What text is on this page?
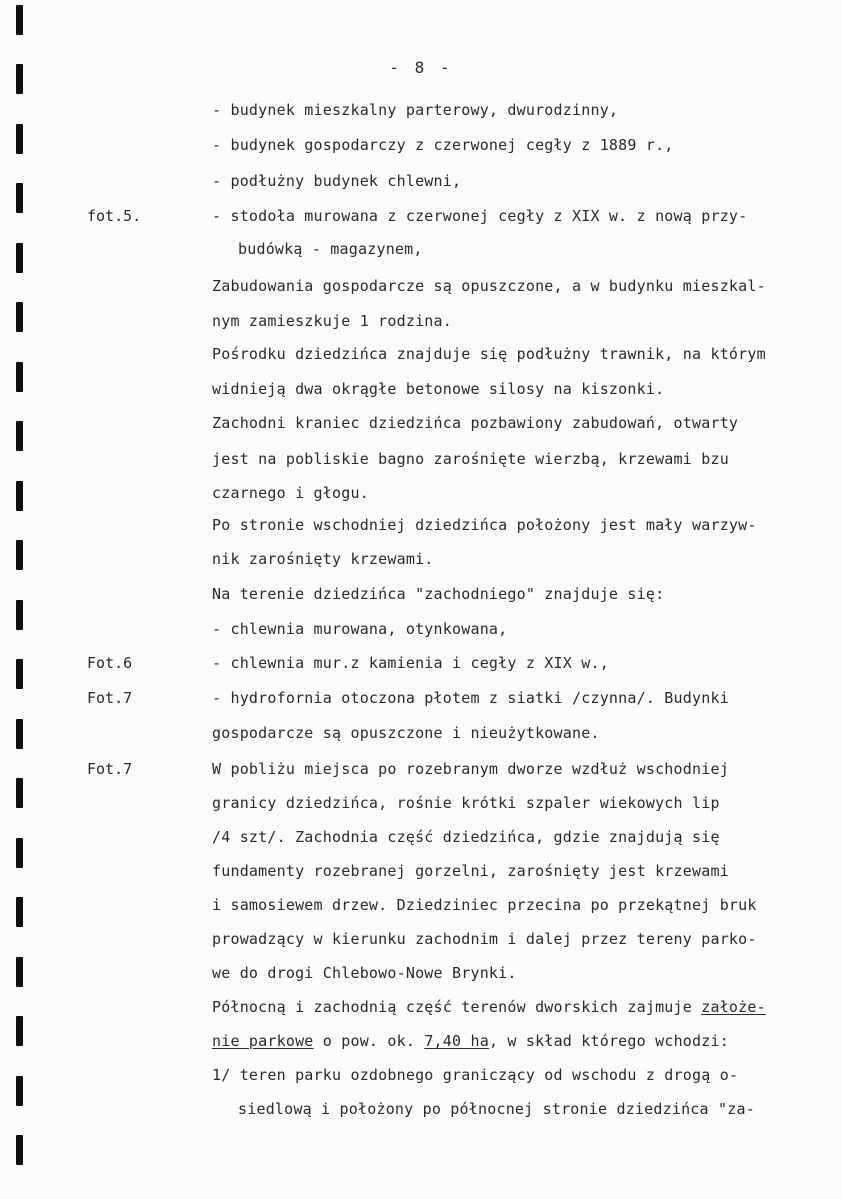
- 8 -
fot.5.
Fot.6
Fot.7
Fot.7
- budynek mieszkalny parterowy, dwurodzinny,
- budynek gospodarczy z czerwonej cegły z 1889 r.,
- podłużny budynek chlewni,
- stodoła murowana z czerwonej cegły z XIX w. z nową przy-
budówką - magazynem,
Zabudowania gospodarcze są opuszczone, a w budynku mieszkal-
nym zamieszkuje 1 rodzina.
Pośrodku dziedzińca znajduje się podłużny trawnik, na którym
widnieją dwa okrągłe betonowe silosy na kiszonki.
Zachodni kraniec dziedzińca pozbawiony zabudowań, otwarty
jest na pobliskie bagno zarośnięte wierzbą, krzewami bzu
czarnego i głogu.
Po stronie wschodniej dziedzińca położony jest mały warzyw-
nik zarośnięty krzewami.
Na terenie dziedzińca "zachodniego" znajduje się:
- chlewnia murowana, otynkowana,
- chlewnia mur.z kamienia i cegły z XIX w.,
- hydrofornia otoczona płotem z siatki /czynna/. Budynki
gospodarcze są opuszczone i nieużytkowane.
W pobliżu miejsca po rozebranym dworze wzdłuż wschodniej
granicy dziedzińca, rośnie krótki szpaler wiekowych lip
/4 szt/. Zachodnia część dziedzińca, gdzie znajdują się
fundamenty rozebranej gorzelni, zarośnięty jest krzewami
i samosiewem drzew. Dziedziniec przecina po przekątnej bruk
prowadzący w kierunku zachodnim i dalej przez tereny parko-
we do drogi Chlebowo-Nowe Brynki.
Północną i zachodnią część terenów dworskich zajmuje założe-
nie parkowe o pow. ok. 7,40 ha, w skład którego wchodzi:
1/ teren parku ozdobnego graniczący od wschodu z drogą o-
siedlową i położony po północnej stronie dziedzińca "za-
